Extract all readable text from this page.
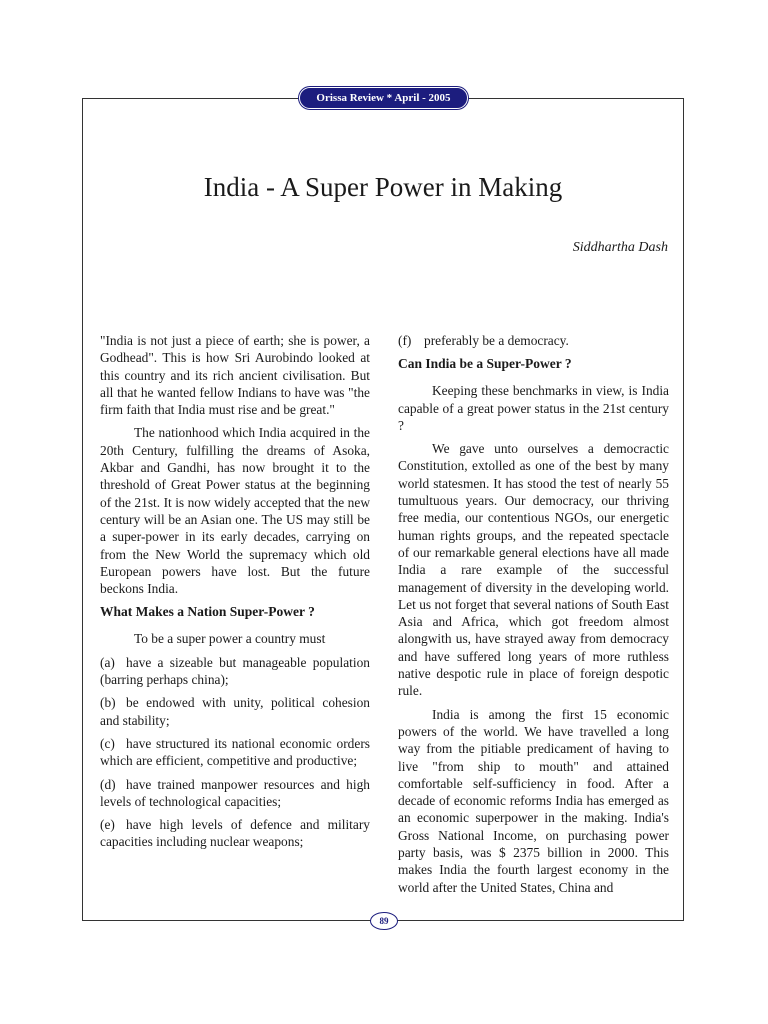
Orissa Review * April - 2005
India - A Super Power in Making
Siddhartha Dash

"India is not just a piece of earth; she is power, a Godhead". This is how Sri Aurobindo looked at this country and its rich ancient civilisation. But all that he wanted fellow Indians to have was "the firm faith that India must rise and be great."

The nationhood which India acquired in the 20th Century, fulfilling the dreams of Asoka, Akbar and Gandhi, has now brought it to the threshold of Great Power status at the beginning of the 21st. It is now widely accepted that the new century will be an Asian one. The US may still be a super-power in its early decades, carrying on from the New World the supremacy which old European powers have lost. But the future beckons India.

What Makes a Nation Super-Power ?

To be a super power a country must

(a) have a sizeable but manageable population (barring perhaps china);

(b) be endowed with unity, political cohesion and stability;

(c) have structured its national economic orders which are efficient, competitive and productive;

(d) have trained manpower resources and high levels of technological capacities;

(e) have high levels of defence and military capacities including nuclear weapons;

(f) preferably be a democracy.

Can India be a Super-Power ?

Keeping these benchmarks in view, is India capable of a great power status in the 21st century ?

We gave unto ourselves a democractic Constitution, extolled as one of the best by many world statesmen. It has stood the test of nearly 55 tumultuous years. Our democracy, our thriving free media, our contentious NGOs, our energetic human rights groups, and the repeated spectacle of our remarkable general elections have all made India a rare example of the successful management of diversity in the developing world. Let us not forget that several nations of South East Asia and Africa, which got freedom almost alongwith us, have strayed away from democracy and have suffered long years of more ruthless native despotic rule in place of foreign despotic rule.

India is among the first 15 economic powers of the world. We have travelled a long way from the pitiable predicament of having to live "from ship to mouth" and attained comfortable self-sufficiency in food. After a decade of economic reforms India has emerged as an economic superpower in the making. India's Gross National Income, on purchasing power party basis, was $ 2375 billion in 2000. This makes India the fourth largest economy in the world after the United States, China and

89
